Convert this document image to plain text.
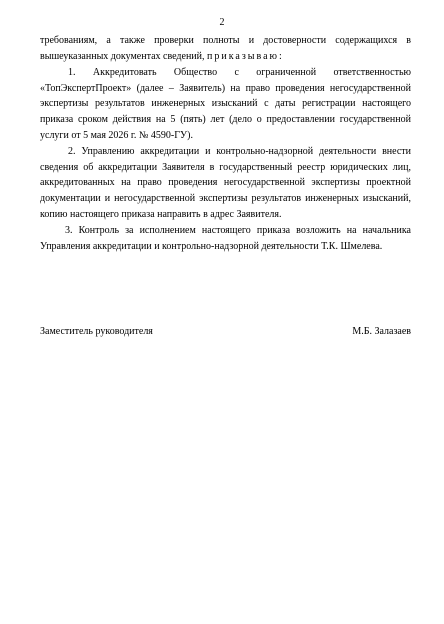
2

требованиям, а также проверки полноты и достоверности содержащихся в вышеуказанных документах сведений, приказываю:

1. Аккредитовать Общество с ограниченной ответственностью «ТопЭкспертПроект» (далее – Заявитель) на право проведения негосударственной экспертизы результатов инженерных изысканий с даты регистрации настоящего приказа сроком действия на 5 (пять) лет (дело о предоставлении государственной услуги от 5 мая 2026 г. № 4590-ГУ).

2. Управлению аккредитации и контрольно-надзорной деятельности внести сведения об аккредитации Заявителя в государственный реестр юридических лиц, аккредитованных на право проведения негосударственной экспертизы проектной документации и негосударственной экспертизы результатов инженерных изысканий, копию настоящего приказа направить в адрес Заявителя.

3. Контроль за исполнением настоящего приказа возложить на начальника Управления аккредитации и контрольно-надзорной деятельности Т.К. Шмелева.

Заместитель руководителя	М.Б. Залазаев
